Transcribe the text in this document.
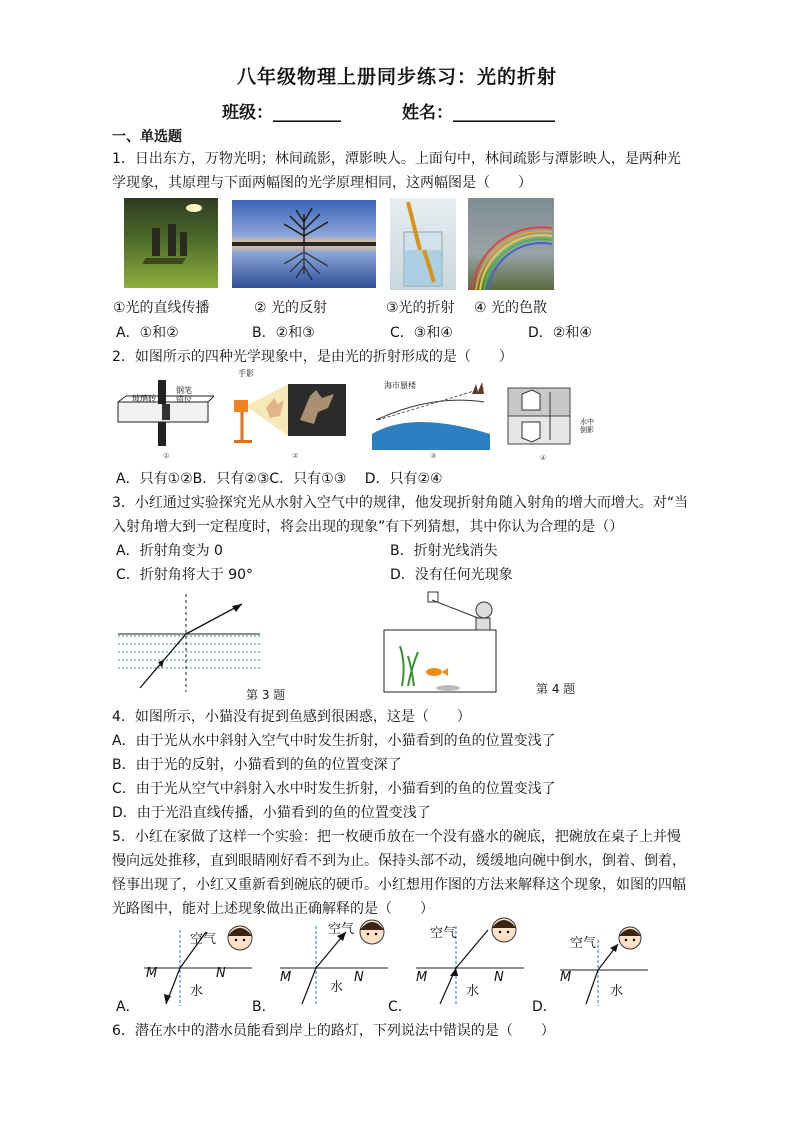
八年级物理上册同步练习：光的折射
班级：________	姓名：____________
一、单选题
1．日出东方，万物光明；林间疏影，潭影映人。上面句中，林间疏影与潭影映人，是两种光
学现象，其原理与下面两幅图的光学原理相同，这两幅图是（　　）
①光的直线传播	② 光的反射	③光的折射 ④ 光的色散
A．①和②	B．②和③	C．③和④	D．②和④
2．如图所示的四种光学现象中，是由光的折射形成的是（　　）
①
玻璃砖
钢笔
错位
②
手影
③
海市蜃楼
④
水中
倒影
A．只有①②B．只有②③C．只有①③　 D．只有②④
3．小红通过实验探究光从水射入空气中的规律，他发现折射角随入射角的增大而增大。对“当
入射角增大到一定程度时，将会出现的现象”有下列猜想，其中你认为合理的是（）
A．折射角变为 0	B．折射光线消失
C．折射角将大于 90°	D．没有任何光现象
第 3 题	第 4 题
4．如图所示，小猫没有捉到鱼感到很困惑，这是（　　）
A．由于光从水中斜射入空气中时发生折射，小猫看到的鱼的位置变浅了
B．由于光的反射，小猫看到的鱼的位置变深了
C．由于光从空气中斜射入水中时发生折射，小猫看到的鱼的位置变浅了
D．由于光沿直线传播，小猫看到的鱼的位置变浅了
5．小红在家做了这样一个实验：把一枚硬币放在一个没有盛水的碗底，把碗放在桌子上并慢
慢向远处推移，直到眼睛刚好看不到为止。保持头部不动，缓缓地向碗中倒水，倒着、倒着，
怪事出现了，小红又重新看到碗底的硬币。小红想用作图的方法来解释这个现象，如图的四幅
光路图中，能对上述现象做出正确解释的是（　　）
空气
M	N
水
空气
M	N
水
空气
M	N
水
空气
M
水
A．	B．	C．	D．
6．潜在水中的潜水员能看到岸上的路灯，下列说法中错误的是（　　）
